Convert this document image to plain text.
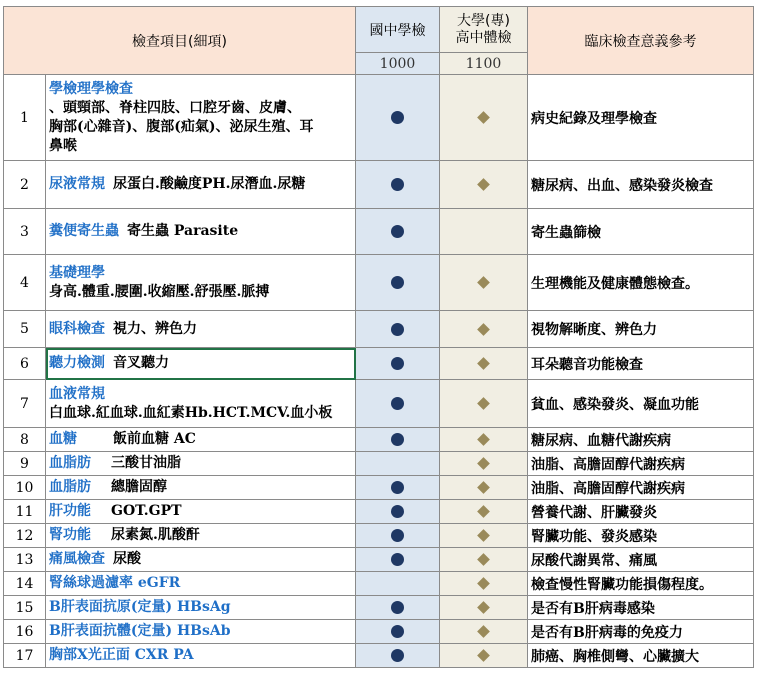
檢查項目(細項)		國中學檢	大學(專)
高中體檢	臨床檢查意義參考
		1000	1100	
1	學檢理學檢查
、頭頸部、脊柱四肢、口腔牙齒、皮膚、
胸部(心雜音)、腹部(疝氣)、泌尿生殖、耳
鼻喉			病史紀錄及理學檢查
2	尿液常規 尿蛋白.酸鹼度PH.尿潛血.尿糖			糖尿病、出血、感染發炎檢查
3	糞便寄生蟲 寄生蟲 Parasite			寄生蟲篩檢
4	基礎理學
身高.體重.腰圍.收縮壓.舒張壓.脈搏			生理機能及健康體態檢查。
5	眼科檢查 視力、辨色力			視物解晰度、辨色力
6	聽力檢測 音叉聽力			耳朵聽音功能檢查
7	血液常規
白血球.紅血球.血紅素Hb.HCT.MCV.血小板			貧血、感染發炎、凝血功能
8	血糖 飯前血糖 AC			糖尿病、血糖代謝疾病
9	血脂肪 三酸甘油脂			油脂、高膽固醇代謝疾病
10	血脂肪 總膽固醇			油脂、高膽固醇代謝疾病
11	肝功能 GOT.GPT			營養代謝、肝臟發炎
12	腎功能 尿素氮.肌酸酐			腎臟功能、發炎感染
13	痛風檢查 尿酸			尿酸代謝異常、痛風
14	腎絲球過濾率 eGFR			檢查慢性腎臟功能損傷程度。
15	B肝表面抗原(定量) HBsAg			是否有B肝病毒感染
16	B肝表面抗體(定量) HBsAb			是否有B肝病毒的免疫力
17	胸部X光正面 CXR PA			肺癌、胸椎側彎、心臟擴大
